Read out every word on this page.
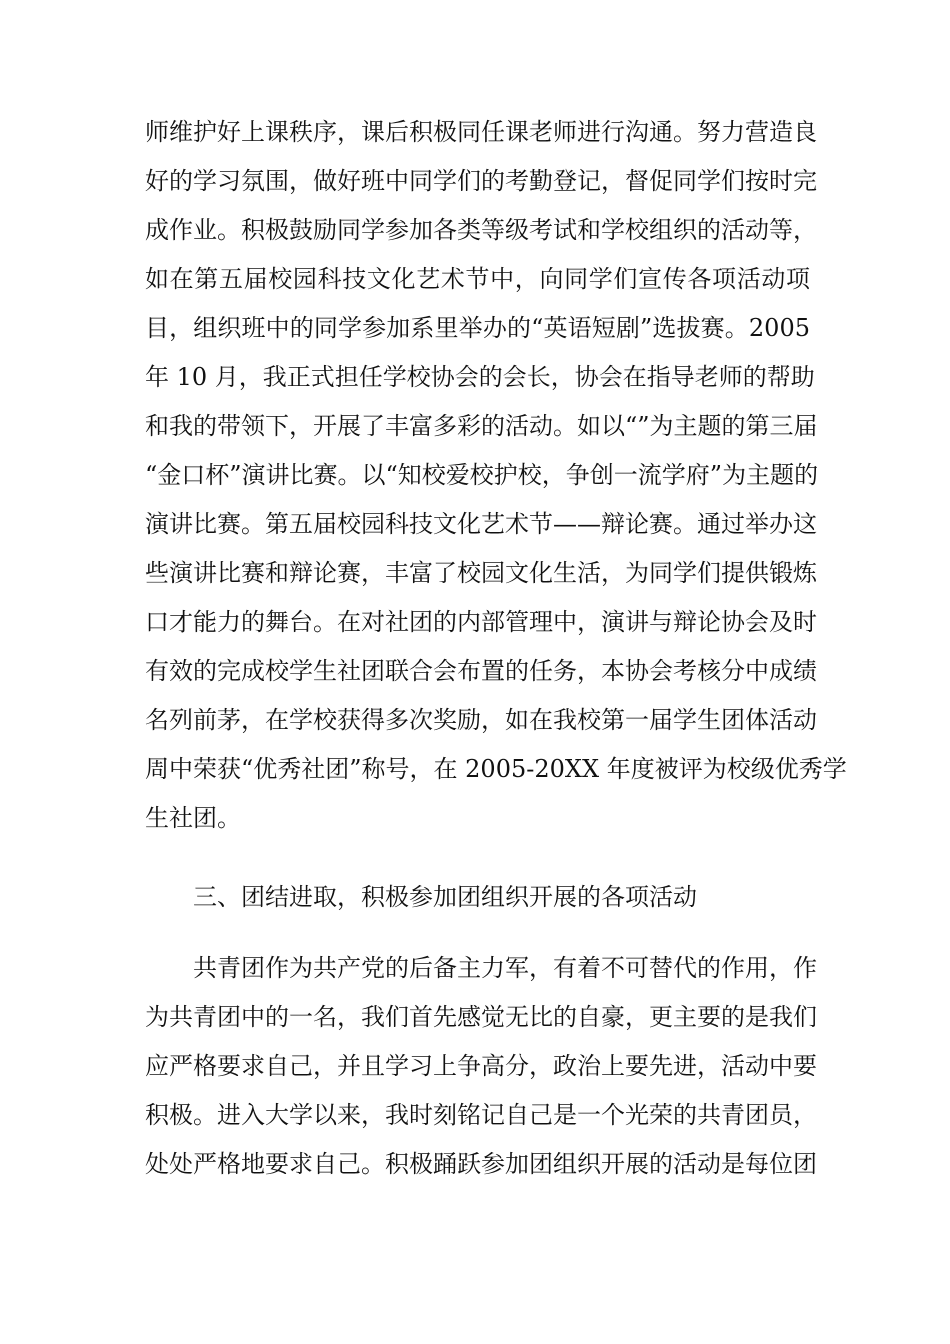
师维护好上课秩序，课后积极同任课老师进行沟通。努力营造良
好的学习氛围，做好班中同学们的考勤登记，督促同学们按时完
成作业。积极鼓励同学参加各类等级考试和学校组织的活动等，
如在第五届校园科技文化艺术节中，向同学们宣传各项活动项
目，组织班中的同学参加系里举办的“英语短剧”选拔赛。2005
年 10 月，我正式担任学校协会的会长，协会在指导老师的帮助
和我的带领下，开展了丰富多彩的活动。如以“”为主题的第三届
“金口杯”演讲比赛。以“知校爱校护校，争创一流学府”为主题的
演讲比赛。第五届校园科技文化艺术节——辩论赛。通过举办这
些演讲比赛和辩论赛，丰富了校园文化生活，为同学们提供锻炼
口才能力的舞台。在对社团的内部管理中，演讲与辩论协会及时
有效的完成校学生社团联合会布置的任务，本协会考核分中成绩
名列前茅，在学校获得多次奖励，如在我校第一届学生团体活动
周中荣获“优秀社团”称号，在 2005-20XX 年度被评为校级优秀学
生社团。
三、团结进取，积极参加团组织开展的各项活动
共青团作为共产党的后备主力军，有着不可替代的作用，作
为共青团中的一名，我们首先感觉无比的自豪，更主要的是我们
应严格要求自己，并且学习上争高分，政治上要先进，活动中要
积极。进入大学以来，我时刻铭记自己是一个光荣的共青团员，
处处严格地要求自己。积极踊跃参加团组织开展的活动是每位团
